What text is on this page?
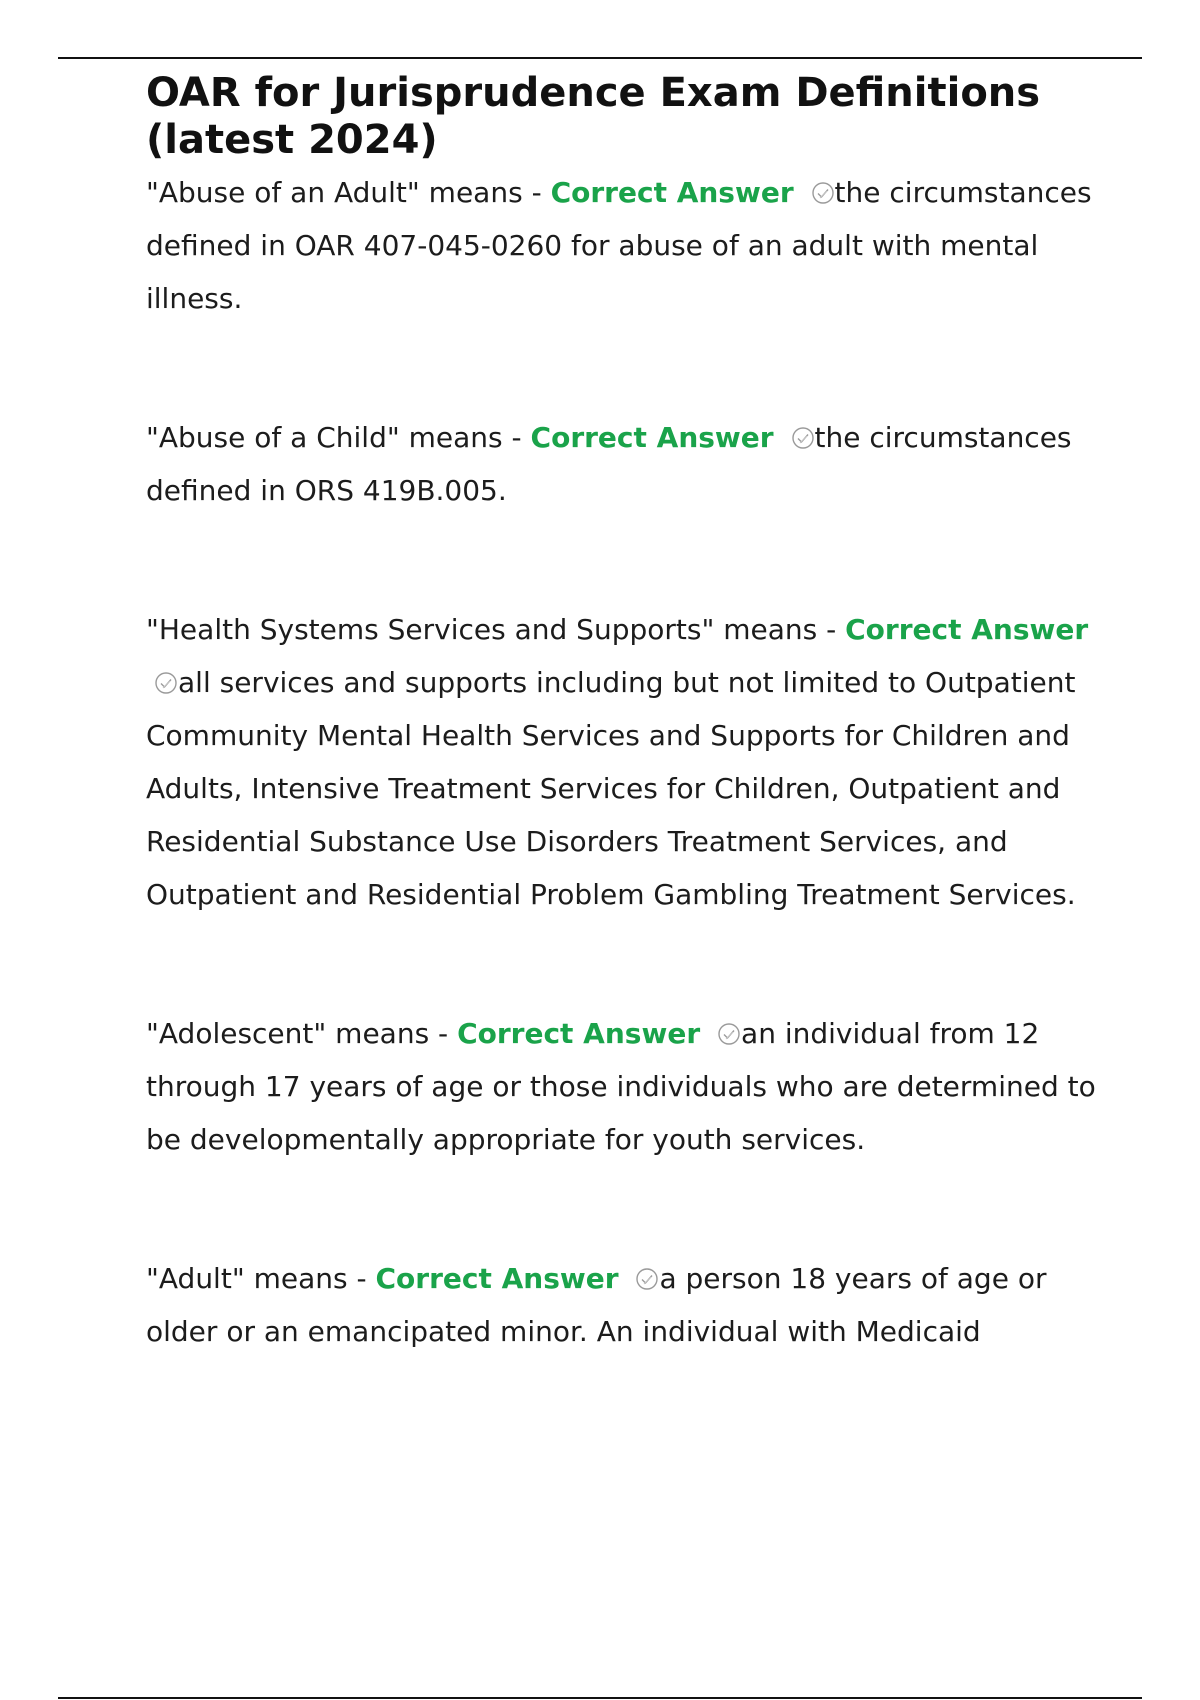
OAR for Jurisprudence Exam Definitions (latest 2024)

"Abuse of an Adult" means - Correct Answer the circumstances defined in OAR 407-045-0260 for abuse of an adult with mental illness.

"Abuse of a Child" means - Correct Answer the circumstances defined in ORS 419B.005.

"Health Systems Services and Supports" means - Correct Answer
all services and supports including but not limited to Outpatient Community Mental Health Services and Supports for Children and Adults, Intensive Treatment Services for Children, Outpatient and Residential Substance Use Disorders Treatment Services, and Outpatient and Residential Problem Gambling Treatment Services.

"Adolescent" means - Correct Answer an individual from 12 through 17 years of age or those individuals who are determined to be developmentally appropriate for youth services.

"Adult" means - Correct Answer a person 18 years of age or older or an emancipated minor. An individual with Medicaid
